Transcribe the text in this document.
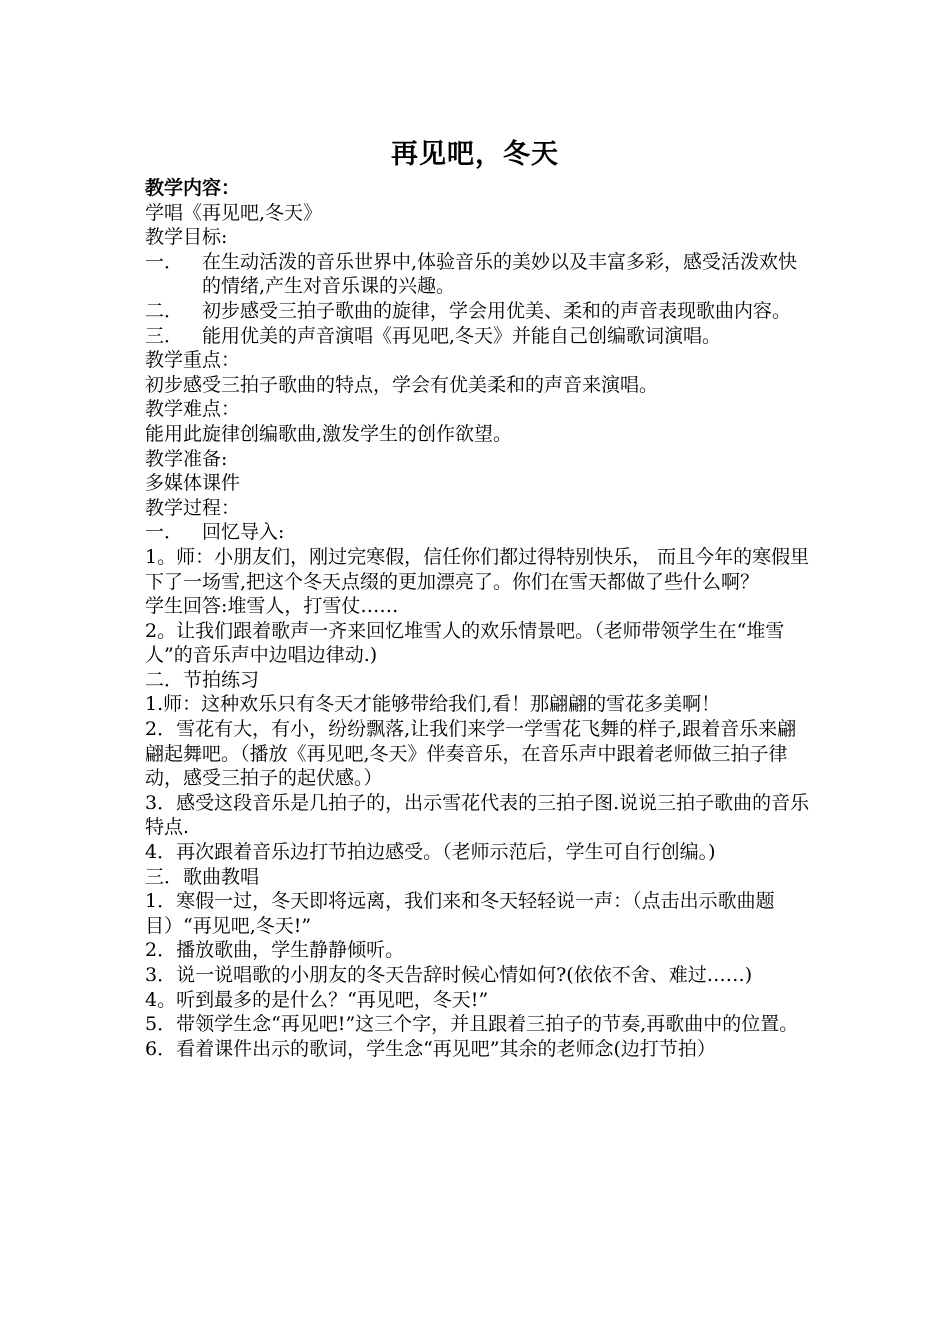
再见吧，冬天
教学内容：
学唱《再见吧,冬天》
教学目标:
一． 在生动活泼的音乐世界中,体验音乐的美妙以及丰富多彩，感受活泼欢快的情绪,产生对音乐课的兴趣。
二． 初步感受三拍子歌曲的旋律，学会用优美、柔和的声音表现歌曲内容。
三． 能用优美的声音演唱《再见吧,冬天》并能自己创编歌词演唱。
教学重点：
初步感受三拍子歌曲的特点，学会有优美柔和的声音来演唱。
教学难点：
能用此旋律创编歌曲,激发学生的创作欲望。
教学准备:
多媒体课件
教学过程：
一． 回忆导入:
1。师：小朋友们，刚过完寒假，信任你们都过得特别快乐， 而且今年的寒假里下了一场雪,把这个冬天点缀的更加漂亮了。你们在雪天都做了些什么啊？
学生回答:堆雪人，打雪仗……
2。让我们跟着歌声一齐来回忆堆雪人的欢乐情景吧。（老师带领学生在“堆雪人”的音乐声中边唱边律动.)
二．节拍练习
1.师：这种欢乐只有冬天才能够带给我们,看！那翩翩的雪花多美啊！
2．雪花有大，有小，纷纷飘落,让我们来学一学雪花飞舞的样子,跟着音乐来翩翩起舞吧。（播放《再见吧,冬天》伴奏音乐，在音乐声中跟着老师做三拍子律动，感受三拍子的起伏感。）
3．感受这段音乐是几拍子的，出示雪花代表的三拍子图.说说三拍子歌曲的音乐特点.
4．再次跟着音乐边打节拍边感受。（老师示范后，学生可自行创编。)
三．歌曲教唱
1．寒假一过，冬天即将远离，我们来和冬天轻轻说一声：（点击出示歌曲题目）“再见吧,冬天!”
2．播放歌曲，学生静静倾听。
3．说一说唱歌的小朋友的冬天告辞时候心情如何?(依依不舍、难过……)
4。听到最多的是什么？“再见吧，冬天!”
5．带领学生念“再见吧!”这三个字，并且跟着三拍子的节奏,再歌曲中的位置。
6．看着课件出示的歌词，学生念“再见吧”其余的老师念(边打节拍）
